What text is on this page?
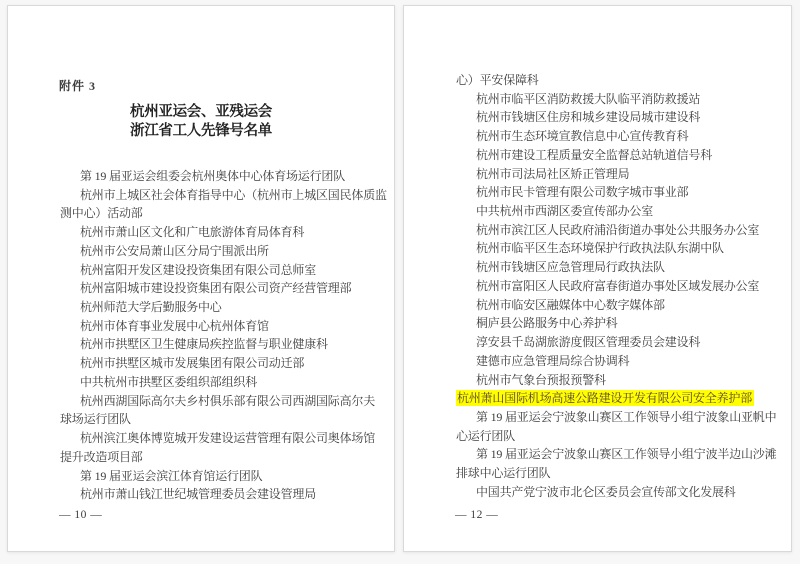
附件 3
杭州亚运会、亚残运会
浙江省工人先锋号名单
第 19 届亚运会组委会杭州奥体中心体育场运行团队
杭州市上城区社会体育指导中心（杭州市上城区国民体质监
测中心）活动部
杭州市萧山区文化和广电旅游体育局体育科
杭州市公安局萧山区分局宁围派出所
杭州富阳开发区建设投资集团有限公司总师室
杭州富阳城市建设投资集团有限公司资产经营管理部
杭州师范大学后勤服务中心
杭州市体育事业发展中心杭州体育馆
杭州市拱墅区卫生健康局疾控监督与职业健康科
杭州市拱墅区城市发展集团有限公司动迁部
中共杭州市拱墅区委组织部组织科
杭州西湖国际高尔夫乡村俱乐部有限公司西湖国际高尔夫
球场运行团队
杭州滨江奥体博览城开发建设运营管理有限公司奥体场馆
提升改造项目部
第 19 届亚运会滨江体育馆运行团队
杭州市萧山钱江世纪城管理委员会建设管理局
— 10 —
心）平安保障科
杭州市临平区消防救援大队临平消防救援站
杭州市钱塘区住房和城乡建设局城市建设科
杭州市生态环境宣教信息中心宣传教育科
杭州市建设工程质量安全监督总站轨道信号科
杭州市司法局社区矫正管理局
杭州市民卡管理有限公司数字城市事业部
中共杭州市西湖区委宣传部办公室
杭州市滨江区人民政府浦沿街道办事处公共服务办公室
杭州市临平区生态环境保护行政执法队东湖中队
杭州市钱塘区应急管理局行政执法队
杭州市富阳区人民政府富春街道办事处区域发展办公室
杭州市临安区融媒体中心数字媒体部
桐庐县公路服务中心养护科
淳安县千岛湖旅游度假区管理委员会建设科
建德市应急管理局综合协调科
杭州市气象台预报预警科
杭州萧山国际机场高速公路建设开发有限公司安全养护部
第 19 届亚运会宁波象山赛区工作领导小组宁波象山亚帆中
心运行团队
第 19 届亚运会宁波象山赛区工作领导小组宁波半边山沙滩
排球中心运行团队
中国共产党宁波市北仑区委员会宣传部文化发展科
— 12 —
